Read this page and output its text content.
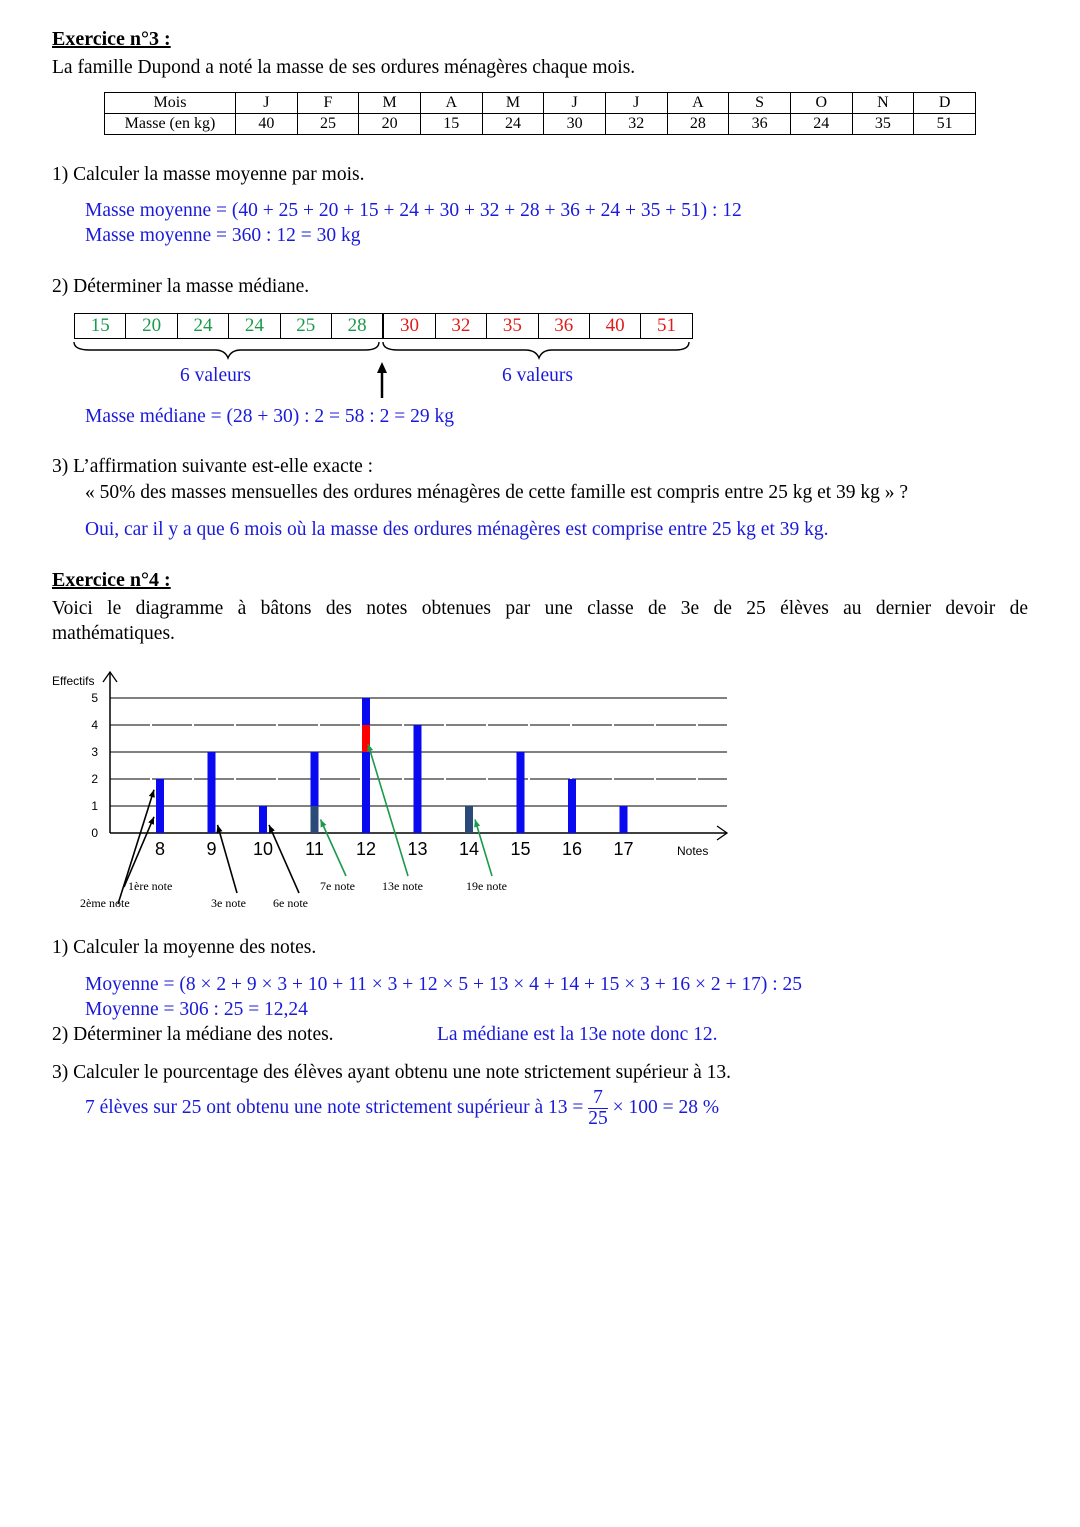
Exercice n°3 :
La famille Dupond a noté la masse de ses ordures ménagères chaque mois.
Mois	J	F	M	A	M	J	J	A	S	O	N	D
Masse (en kg)	40	25	20	15	24	30	32	28	36	24	35	51
1) Calculer la masse moyenne par mois.
Masse moyenne = (40 + 25 + 20 + 15 + 24 + 30 + 32 + 28 + 36 + 24 + 35 + 51) : 12
Masse moyenne = 360 : 12 = 30 kg
2) Déterminer la masse médiane.
15	20	24	24	25	28	30	32	35	36	40	51
6 valeurs	6 valeurs
Masse médiane = (28 + 30) : 2 = 58 : 2 = 29 kg
3) L’affirmation suivante est-elle exacte :
« 50% des masses mensuelles des ordures ménagères de cette famille est compris entre 25 kg et 39 kg » ?
Oui, car il y a que 6 mois où la masse des ordures ménagères est comprise entre 25 kg et 39 kg.
Exercice n°4 :
Voici le diagramme à bâtons des notes obtenues par une classe de 3e de 25 élèves au dernier devoir de
mathématiques.
0
1
2
3
4
5
Effectifs
Notes
8 9 10 11 12 13 14 15 16 17
2ème note
1ère note
3e note 6e note
7e note 13e note	19e note
1) Calculer la moyenne des notes.
Moyenne = (8 × 2 + 9 × 3 + 10 + 11 × 3 + 12 × 5 + 13 × 4 + 14 + 15 × 3 + 16 × 2 + 17) : 25
Moyenne = 306 : 25 = 12,24
2) Déterminer la médiane des notes.	La médiane est la 13e note donc 12.
3) Calculer le pourcentage des élèves ayant obtenu une note strictement supérieur à 13.
7 élèves sur 25 ont obtenu une note strictement supérieur à $13 = \frac{7}{25} \times 100 = 28$ %
